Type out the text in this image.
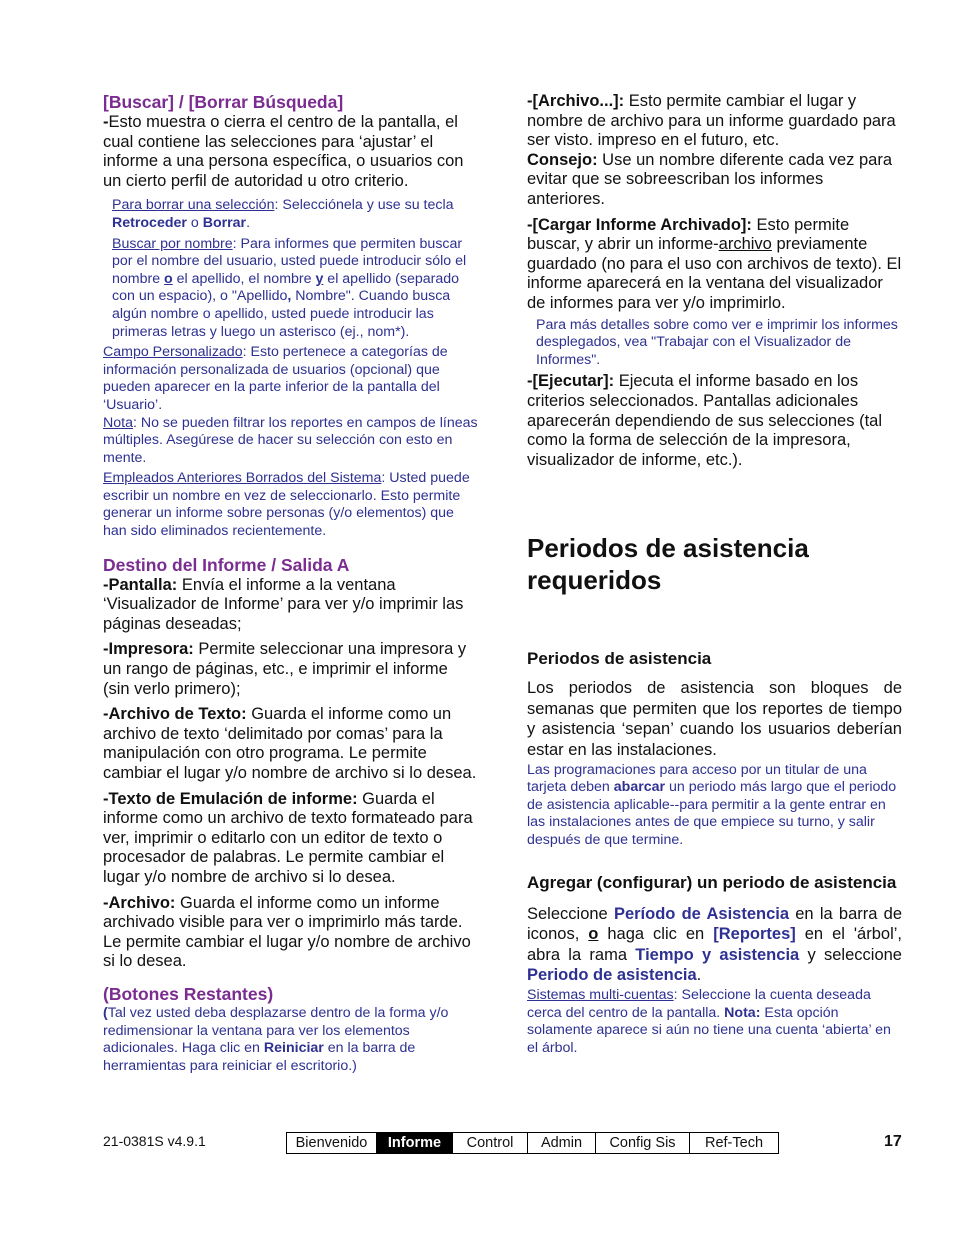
[Buscar] / [Borrar Búsqueda]

-Esto muestra o cierra el centro de la pantalla, el cual contiene las selecciones para ‘ajustar’ el informe a una persona específica, o usuarios con un cierto perfil de autoridad u otro criterio.

Para borrar una selección: Selecciónela y use su tecla Retroceder o Borrar.

Buscar por nombre: Para informes que permiten buscar por el nombre del usuario, usted puede introducir sólo el nombre o el apellido, el nombre y el apellido (separado con un espacio), o "Apellido, Nombre". Cuando busca algún nombre o apellido, usted puede introducir las primeras letras y luego un asterisco (ej., nom*).

Campo Personalizado: Esto pertenece a categorías de información personalizada de usuarios (opcional) que pueden aparecer en la parte inferior de la pantalla del ‘Usuario’.

Nota: No se pueden filtrar los reportes en campos de líneas múltiples. Asegúrese de hacer su selección con esto en mente.

Empleados Anteriores Borrados del Sistema: Usted puede escribir un nombre en vez de seleccionarlo. Esto permite generar un informe sobre personas (y/o elementos) que han sido eliminados recientemente.

Destino del Informe / Salida A

-Pantalla: Envía el informe a la ventana ‘Visualizador de Informe’ para ver y/o imprimir las páginas deseadas;

-Impresora: Permite seleccionar una impresora y un rango de páginas, etc., e imprimir el informe (sin verlo primero);

-Archivo de Texto: Guarda el informe como un archivo de texto ‘delimitado por comas’ para la manipulación con otro programa. Le permite cambiar el lugar y/o nombre de archivo si lo desea.

-Texto de Emulación de informe: Guarda el informe como un archivo de texto formateado para ver, imprimir o editarlo con un editor de texto o procesador de palabras. Le permite cambiar el lugar y/o nombre de archivo si lo desea.

-Archivo: Guarda el informe como un informe archivado visible para ver o imprimirlo más tarde. Le permite cambiar el lugar y/o nombre de archivo si lo desea.

(Botones Restantes)

(Tal vez usted deba desplazarse dentro de la forma y/o redimensionar la ventana para ver los elementos adicionales. Haga clic en Reiniciar en la barra de herramientas para reiniciar el escritorio.)

-[Archivo...]: Esto permite cambiar el lugar y nombre de archivo para un informe guardado para ser visto. impreso en el futuro, etc.

Consejo: Use un nombre diferente cada vez para evitar que se sobreescriban los informes anteriores.

-[Cargar Informe Archivado]: Esto permite buscar, y abrir un informe-archivo previamente guardado (no para el uso con archivos de texto). El informe aparecerá en la ventana del visualizador de informes para ver y/o imprimirlo.

Para más detalles sobre como ver e imprimir los informes desplegados, vea "Trabajar con el Visualizador de Informes".

-[Ejecutar]: Ejecuta el informe basado en los criterios seleccionados. Pantallas adicionales aparecerán dependiendo de sus selecciones (tal como la forma de selección de la impresora, visualizador de informe, etc.).

Periodos de asistencia requeridos
Periodos de asistencia

Los periodos de asistencia son bloques de semanas que permiten que los reportes de tiempo y asistencia ‘sepan’ cuando los usuarios deberían estar en las instalaciones.

Las programaciones para acceso por un titular de una tarjeta deben abarcar un periodo más largo que el periodo de asistencia aplicable--para permitir a la gente entrar en las instalaciones antes de que empiece su turno, y salir después de que termine.

Agregar (configurar) un periodo de asistencia

Seleccione Período de Asistencia en la barra de iconos, o haga clic en [Reportes] en el 'árbol’, abra la rama Tiempo y asistencia y seleccione Periodo de asistencia.

Sistemas multi-cuentas: Seleccione la cuenta deseada cerca del centro de la pantalla. Nota: Esta opción solamente aparece si aún no tiene una cuenta ‘abierta’ en el árbol.

21-0381S v4.9.1	Bienvenido	Informe	Control	Admin	Config Sis	Ref-Tech	17
